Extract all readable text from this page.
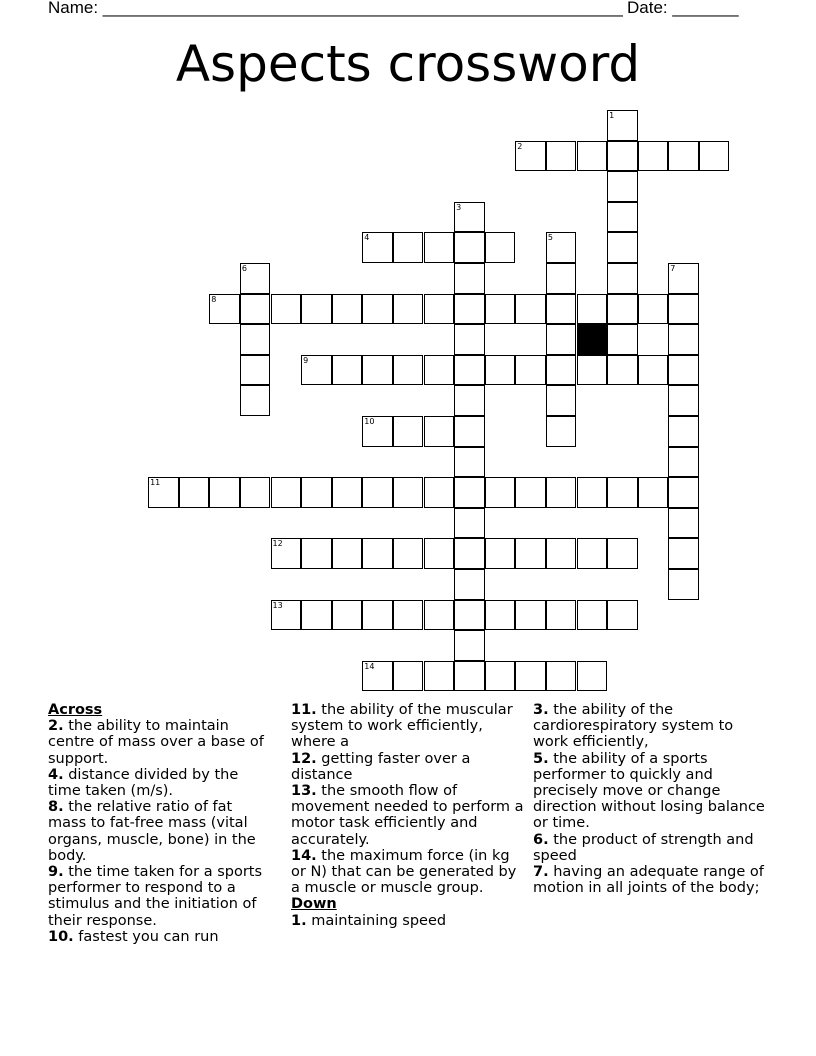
Name: _______________________________________________________ Date: _______
Aspects crossword
1
2
3
4	5
6	7
8
9
10
11
12
13
14
Across
2. the ability to maintain centre of mass over a base of support.
4. distance divided by the time taken (m/s).
8. the relative ratio of fat mass to fat-free mass (vital organs, muscle, bone) in the body.
9. the time taken for a sports performer to respond to a stimulus and the initiation of their response.
10. fastest you can run
11. the ability of the muscular system to work efficiently, where a
12. getting faster over a distance
13. the smooth flow of movement needed to perform a motor task efficiently and accurately.
14. the maximum force (in kg or N) that can be generated by a muscle or muscle group.
Down
1. maintaining speed
3. the ability of the cardiorespiratory system to work efficiently,
5. the ability of a sports performer to quickly and precisely move or change direction without losing balance or time.
6. the product of strength and speed
7. having an adequate range of motion in all joints of the body;
